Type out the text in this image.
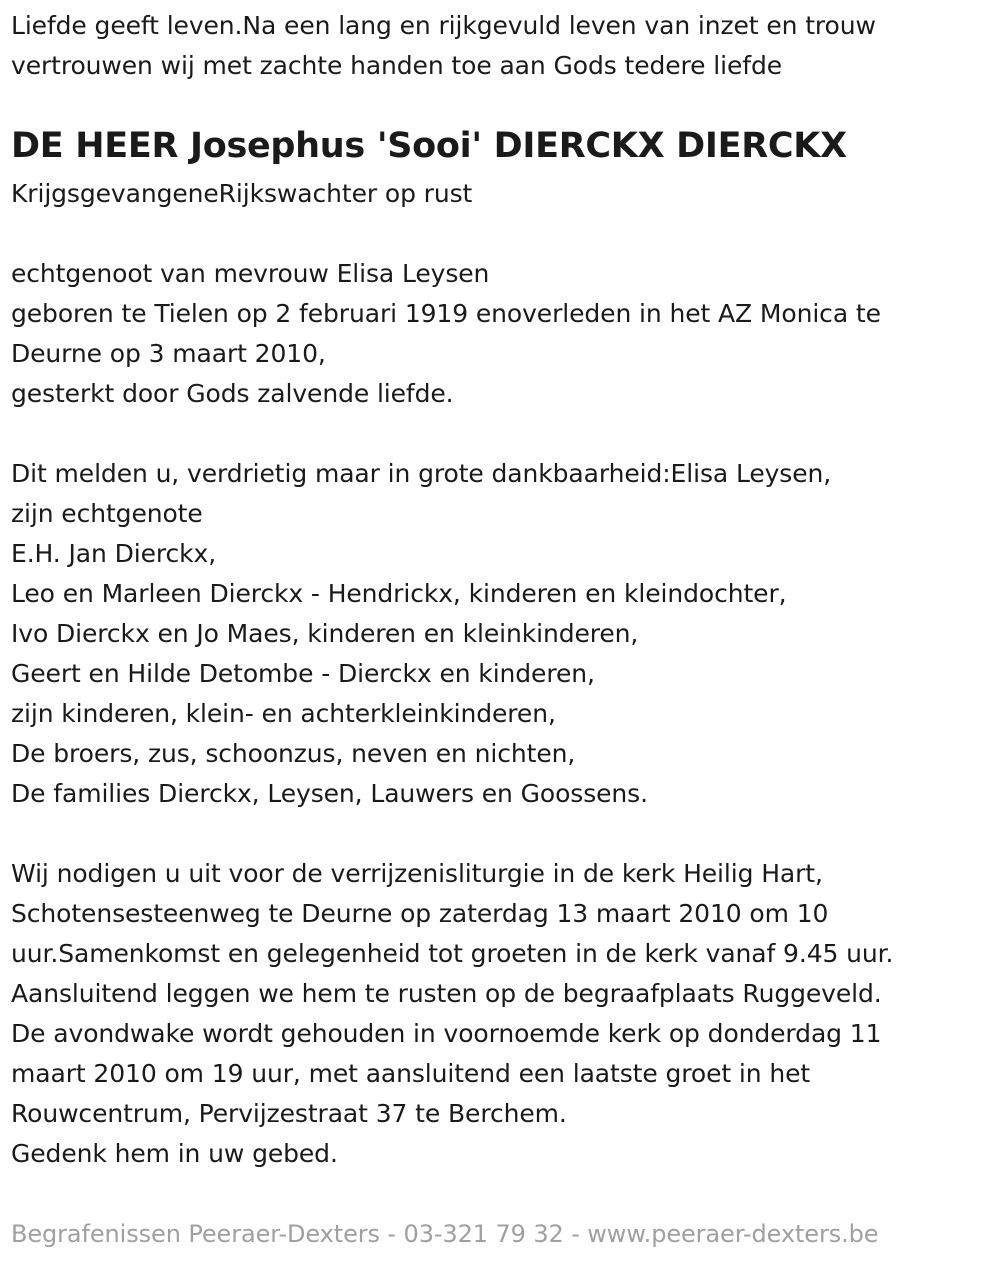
Liefde geeft leven.Na een lang en rijkgevuld leven van inzet en trouw
vertrouwen wij met zachte handen toe aan Gods tedere liefde
DE HEER Josephus 'Sooi' DIERCKX DIERCKX
KrijgsgevangeneRijkswachter op rust
echtgenoot van mevrouw Elisa Leysen
geboren te Tielen op 2 februari 1919 enoverleden in het AZ Monica te
Deurne op 3 maart 2010,
gesterkt door Gods zalvende liefde.
Dit melden u, verdrietig maar in grote dankbaarheid:Elisa Leysen,
zijn echtgenote
E.H. Jan Dierckx,
Leo en Marleen Dierckx - Hendrickx, kinderen en kleindochter,
Ivo Dierckx en Jo Maes, kinderen en kleinkinderen,
Geert en Hilde Detombe - Dierckx en kinderen,
zijn kinderen, klein- en achterkleinkinderen,
De broers, zus, schoonzus, neven en nichten,
De families Dierckx, Leysen, Lauwers en Goossens.
Wij nodigen u uit voor de verrijzenisliturgie in de kerk Heilig Hart,
Schotensesteenweg te Deurne op zaterdag 13 maart 2010 om 10
uur.Samenkomst en gelegenheid tot groeten in de kerk vanaf 9.45 uur.
Aansluitend leggen we hem te rusten op de begraafplaats Ruggeveld.
De avondwake wordt gehouden in voornoemde kerk op donderdag 11
maart 2010 om 19 uur, met aansluitend een laatste groet in het
Rouwcentrum, Pervijzestraat 37 te Berchem.
Gedenk hem in uw gebed.
Begrafenissen Peeraer-Dexters - 03-321 79 32 - www.peeraer-dexters.be
